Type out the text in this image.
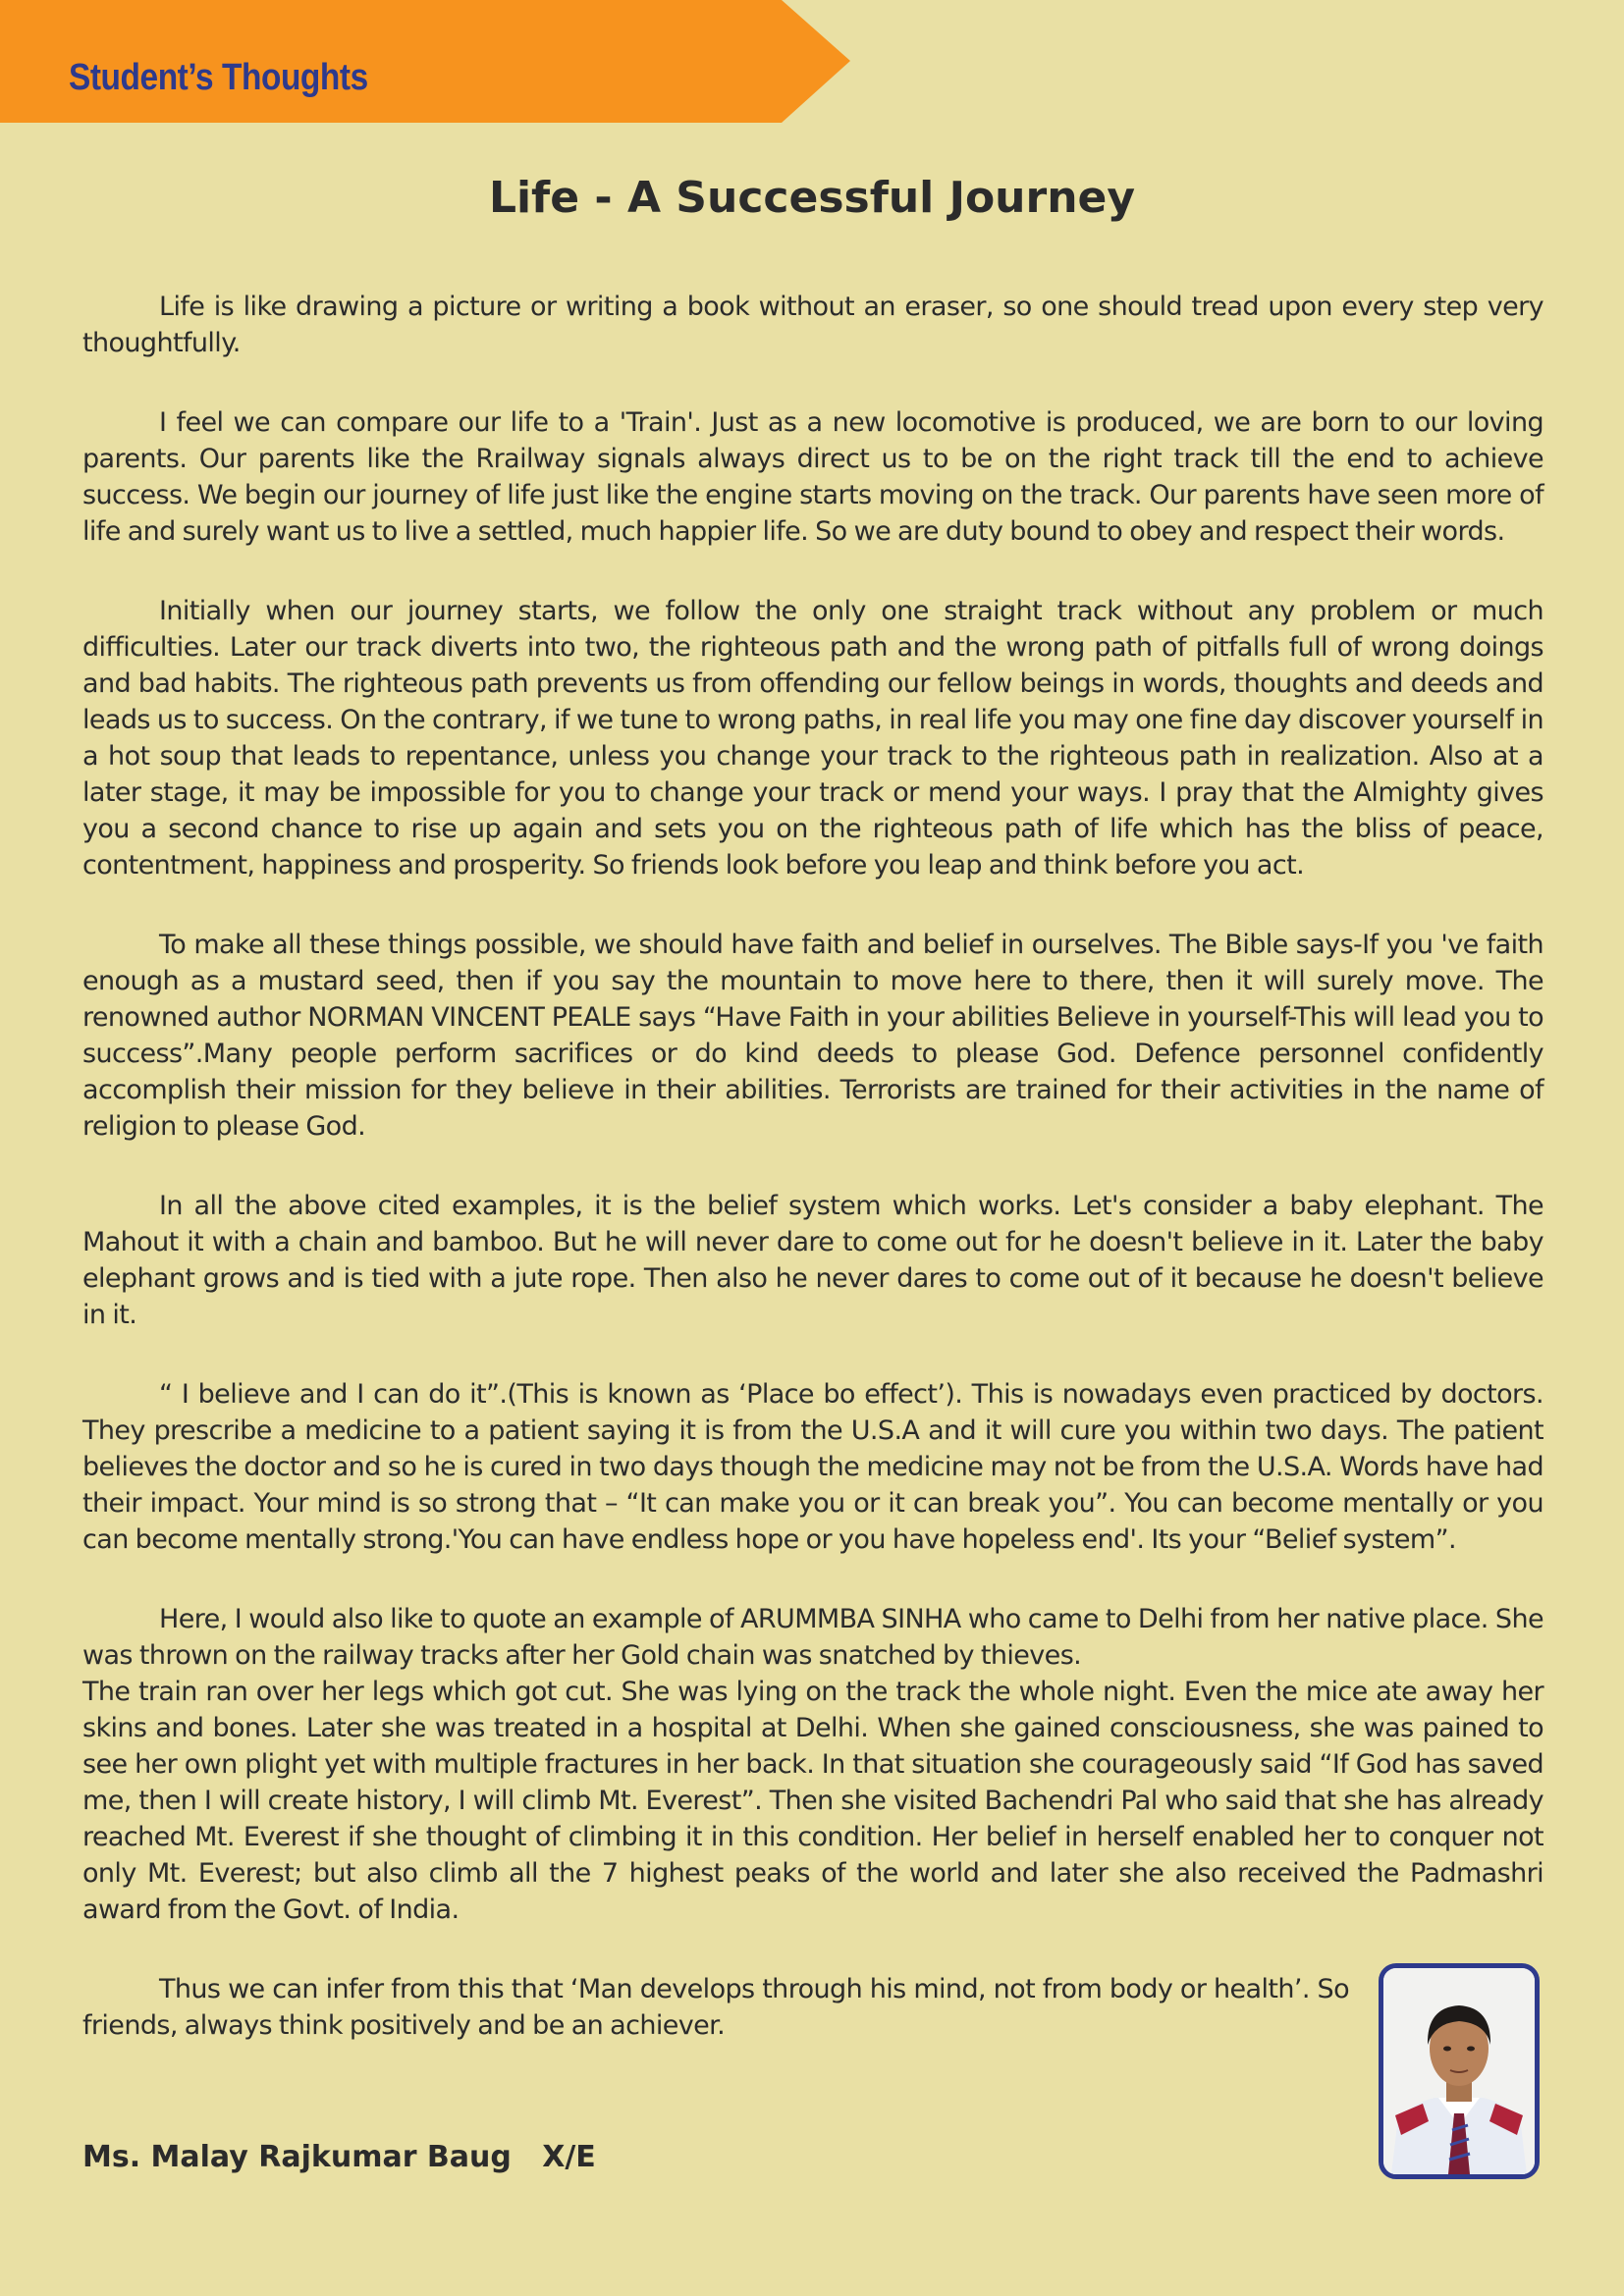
Student’s Thoughts
Life - A Successful Journey

Life is like drawing a picture or writing a book without an eraser, so one should tread upon every step very thoughtfully.

I feel we can compare our life to a 'Train'. Just as a new locomotive is produced, we are born to our loving parents. Our parents like the Rrailway signals always direct us to be on the right track till the end to achieve success. We begin our journey of life just like the engine starts moving on the track. Our parents have seen more of life and surely want us to live a settled, much happier life. So we are duty bound to obey and respect their words.

Initially when our journey starts, we follow the only one straight track without any problem or much difficulties. Later our track diverts into two, the righteous path and the wrong path of pitfalls full of wrong doings and bad habits. The righteous path prevents us from offending our fellow beings in words, thoughts and deeds and leads us to success. On the contrary, if we tune to wrong paths, in real life you may one fine day discover yourself in a hot soup that leads to repentance, unless you change your track to the righteous path in realization. Also at a later stage, it may be impossible for you to change your track or mend your ways. I pray that the Almighty gives you a second chance to rise up again and sets you on the righteous path of life which has the bliss of peace, contentment, happiness and prosperity. So friends look before you leap and think before you act.

To make all these things possible, we should have faith and belief in ourselves. The Bible says-If you 've faith enough as a mustard seed, then if you say the mountain to move here to there, then it will surely move. The renowned author NORMAN VINCENT PEALE says “Have Faith in your abilities Believe in yourself-This will lead you to success”.Many people perform sacrifices or do kind deeds to please God. Defence personnel confidently accomplish their mission for they believe in their abilities. Terrorists are trained for their activities in the name of religion to please God.

In all the above cited examples, it is the belief system which works. Let's consider a baby elephant. The Mahout it with a chain and bamboo. But he will never dare to come out for he doesn't believe in it. Later the baby elephant grows and is tied with a jute rope. Then also he never dares to come out of it because he doesn't believe in it.

“ I believe and I can do it”.(This is known as ‘Place bo effect’). This is nowadays even practiced by doctors. They prescribe a medicine to a patient saying it is from the U.S.A and it will cure you within two days. The patient believes the doctor and so he is cured in two days though the medicine may not be from the U.S.A. Words have had their impact. Your mind is so strong that – “It can make you or it can break you”. You can become mentally or you can become mentally strong.'You can have endless hope or you have hopeless end'. Its your “Belief system”.

Here, I would also like to quote an example of ARUMMBA SINHA who came to Delhi from her native place. She was thrown on the railway tracks after her Gold chain was snatched by thieves.

The train ran over her legs which got cut. She was lying on the track the whole night. Even the mice ate away her skins and bones. Later she was treated in a hospital at Delhi. When she gained consciousness, she was pained to see her own plight yet with multiple fractures in her back. In that situation she courageously said “If God has saved me, then I will create history, I will climb Mt. Everest”. Then she visited Bachendri Pal who said that she has already reached Mt. Everest if she thought of climbing it in this condition. Her belief in herself enabled her to conquer not only Mt. Everest; but also climb all the 7 highest peaks of the world and later she also received the Padmashri award from the Govt. of India.

Thus we can infer from this that ‘Man develops through his mind, not from body or health’. So friends, always think positively and be an achiever.

Ms. Malay Rajkumar Baug   X/E
